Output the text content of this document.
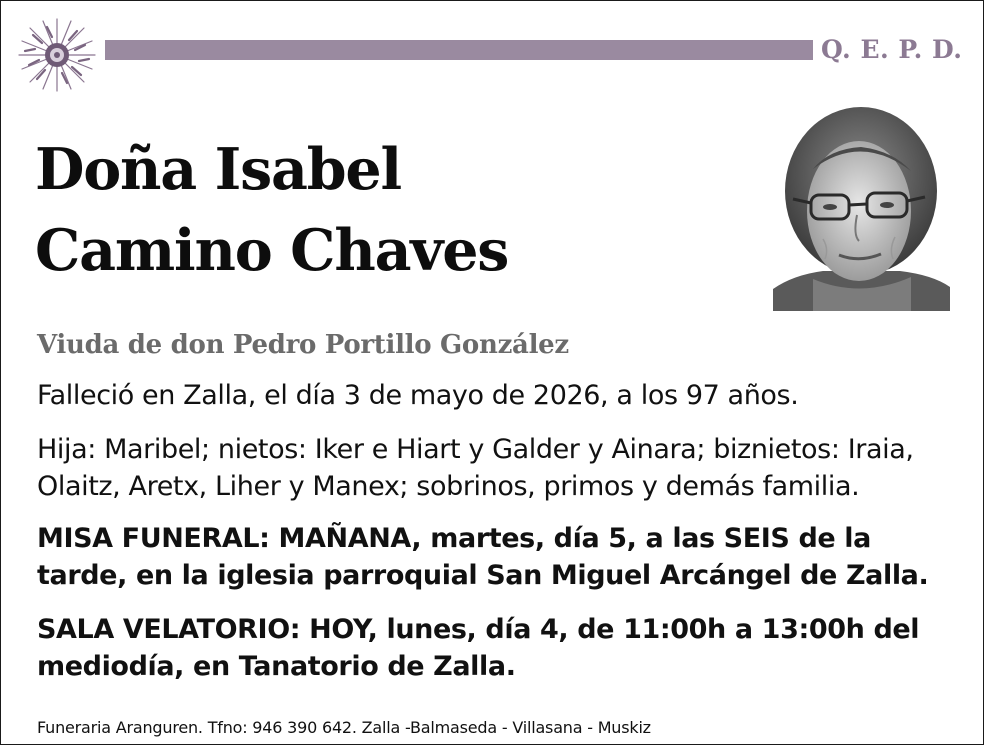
Q. E. P. D.
Doña Isabel
Camino Chaves
Viuda de don Pedro Portillo González
Falleció en Zalla, el día 3 de mayo de 2026, a los 97 años.
Hija: Maribel; nietos: Iker e Hiart y Galder y Ainara; biznietos: Iraia, Olaitz, Aretx, Liher y Manex; sobrinos, primos y demás familia.
MISA FUNERAL: MAÑANA, martes, día 5, a las SEIS de la tarde, en la iglesia parroquial San Miguel Arcángel de Zalla.
SALA VELATORIO: HOY, lunes, día 4, de 11:00h a 13:00h del mediodía, en Tanatorio de Zalla.
Funeraria Aranguren. Tfno: 946 390 642. Zalla -Balmaseda - Villasana - Muskiz
